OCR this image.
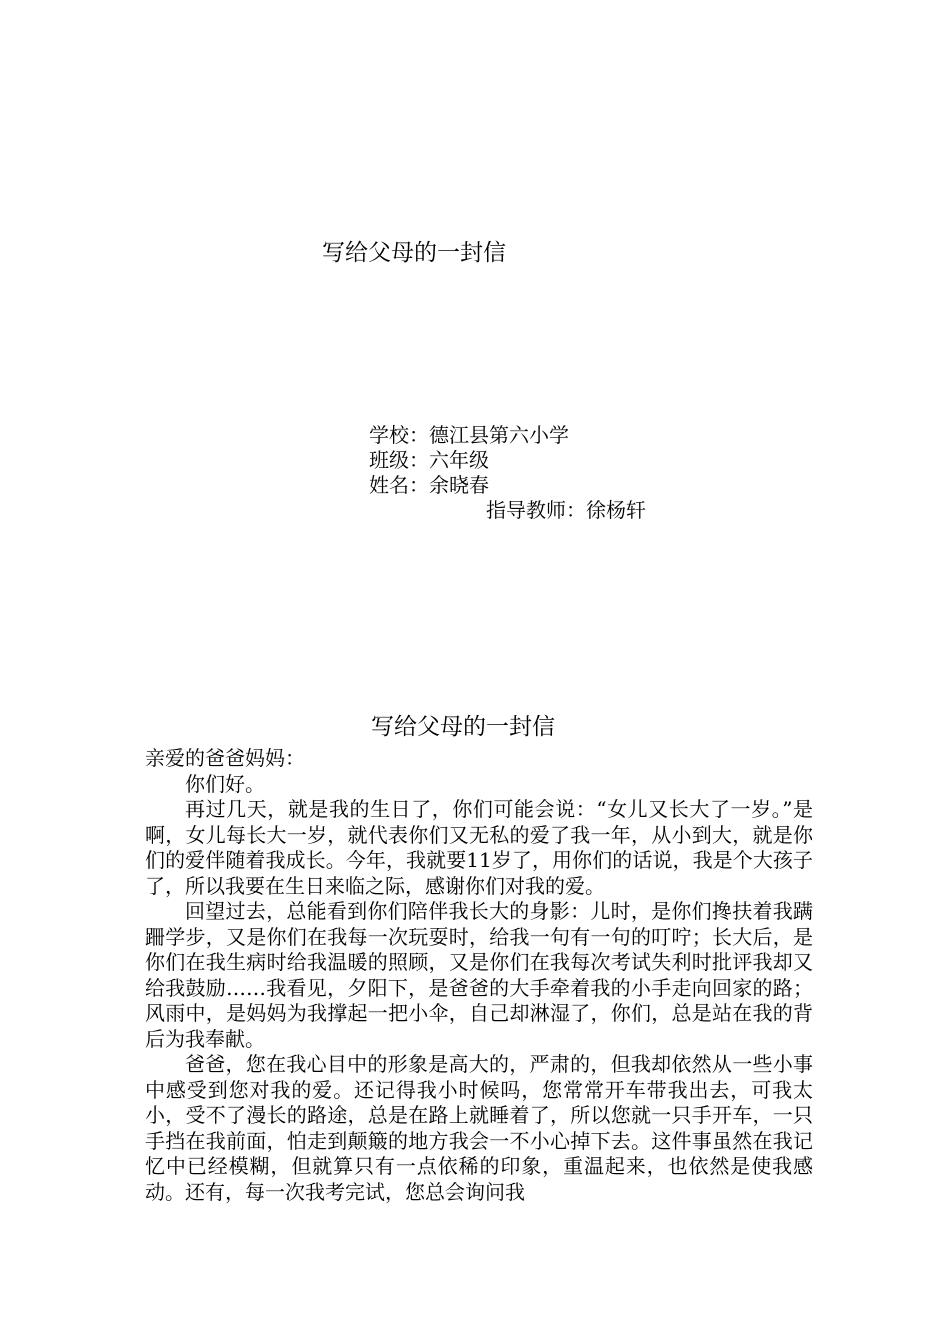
写给父母的一封信
学校：德江县第六小学
班级：六年级
姓名：余晓春
指导教师：徐杨轩
写给父母的一封信

亲爱的爸爸妈妈：

你们好。

再过几天，就是我的生日了，你们可能会说：“女儿又长大了一岁。”是啊，女儿每长大一岁，就代表你们又无私的爱了我一年，从小到大，就是你们的爱伴随着我成长。今年，我就要11岁了，用你们的话说，我是个大孩子了，所以我要在生日来临之际，感谢你们对我的爱。

回望过去，总能看到你们陪伴我长大的身影：儿时，是你们搀扶着我蹒跚学步，又是你们在我每一次玩耍时，给我一句有一句的叮咛；长大后，是你们在我生病时给我温暖的照顾，又是你们在我每次考试失利时批评我却又给我鼓励……我看见，夕阳下，是爸爸的大手牵着我的小手走向回家的路；风雨中，是妈妈为我撑起一把小伞，自己却淋湿了，你们，总是站在我的背后为我奉献。

爸爸，您在我心目中的形象是高大的，严肃的，但我却依然从一些小事中感受到您对我的爱。还记得我小时候吗，您常常开车带我出去，可我太小，受不了漫长的路途，总是在路上就睡着了，所以您就一只手开车，一只手挡在我前面，怕走到颠簸的地方我会一不小心掉下去。这件事虽然在我记忆中已经模糊，但就算只有一点依稀的印象，重温起来，也依然是使我感动。还有，每一次我考完试，您总会询问我
